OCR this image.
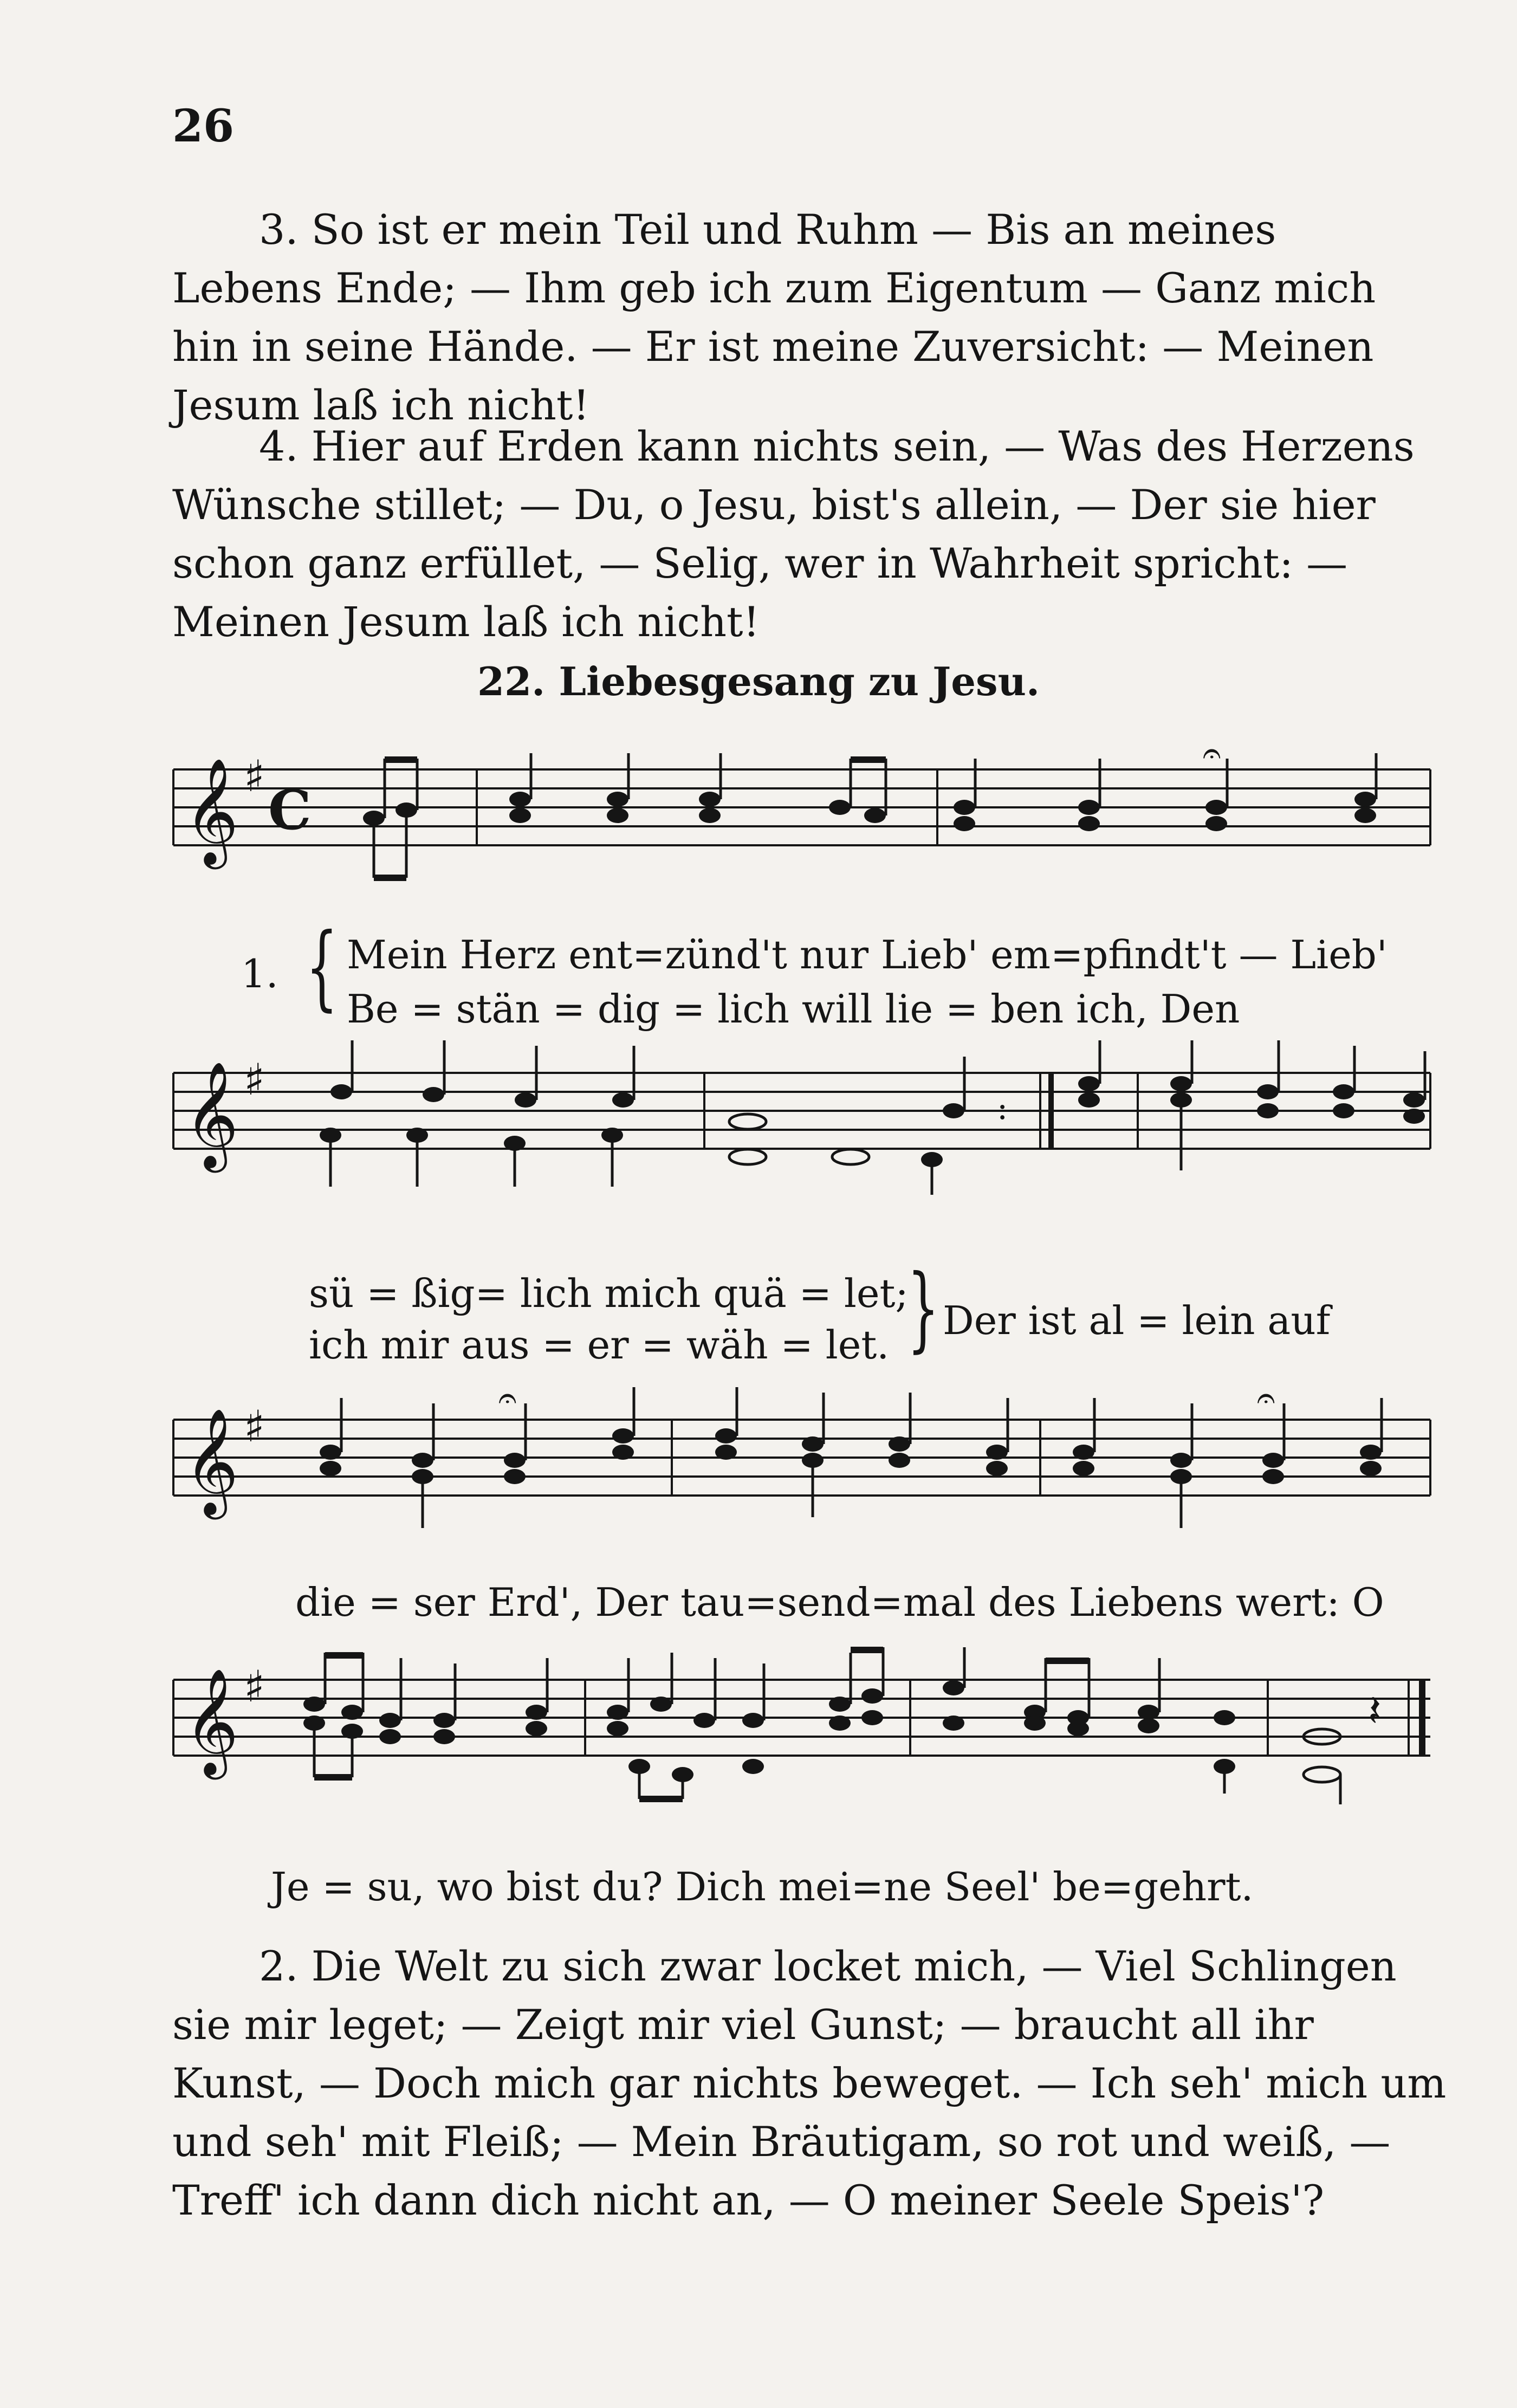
26
3. So ist er mein Teil und Ruhm — Bis an meines
Lebens Ende; — Ihm geb ich zum Eigentum — Ganz mich
hin in seine Hände. — Er ist meine Zuversicht: — Meinen
Jesum laß ich nicht!
4. Hier auf Erden kann nichts sein, — Was des Herzens
Wünsche stillet; — Du, o Jesu, bist's allein, — Der sie hier
schon ganz erfüllet, — Selig, wer in Wahrheit spricht: —
Meinen Jesum laß ich nicht!
22. Liebesgesang zu Jesu.
𝄞 ♯
C
𝄐
1. { Mein Herz ent=zünd't nur Lieb' em=pfindt't — Lieb'
Be = stän = dig = lich will lie = ben ich, Den
𝄞 ♯
:
sü = ßig= lich mich quä = let;
ich mir aus = er = wäh = let. } Der ist al = lein auf
𝄞 ♯
𝄐	𝄐
die = ser Erd', Der tau=send=mal des Liebens wert: O
𝄞 ♯	𝄽
Je = su, wo bist du? Dich mei=ne Seel' be=gehrt.
2. Die Welt zu sich zwar locket mich, — Viel Schlingen
sie mir leget; — Zeigt mir viel Gunst; — braucht all ihr
Kunst, — Doch mich gar nichts beweget. — Ich seh' mich um
und seh' mit Fleiß; — Mein Bräutigam, so rot und weiß, —
Treff' ich dann dich nicht an, — O meiner Seele Speis'?
